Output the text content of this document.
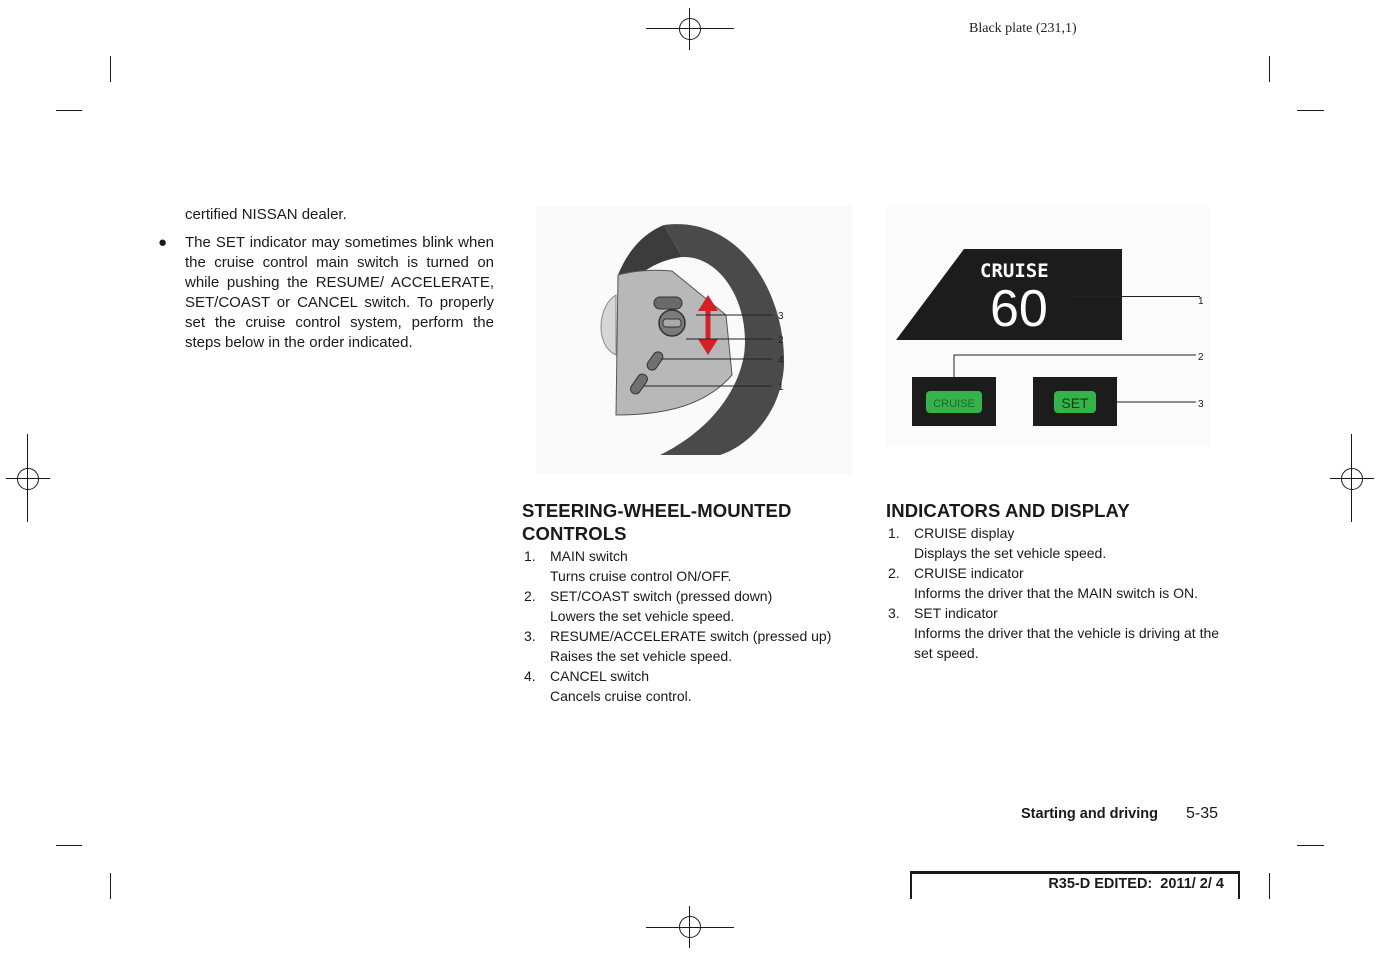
Black plate (231,1)

certified NISSAN dealer.

● The SET indicator may sometimes blink when the cruise control main switch is turned on while pushing the RESUME/ ACCELERATE, SET/COAST or CANCEL switch. To properly set the cruise control system, perform the steps below in the order indicated.
3
2
4
1
CRUISE
60
CRUISE	SET
1
2
3
STEERING-WHEEL-MOUNTED CONTROLS
1. MAIN switch
Turns cruise control ON/OFF.
2. SET/COAST switch (pressed down)
Lowers the set vehicle speed.
3. RESUME/ACCELERATE switch (pressed up)
Raises the set vehicle speed.
4. CANCEL switch
Cancels cruise control.
INDICATORS AND DISPLAY
1. CRUISE display
Displays the set vehicle speed.
2. CRUISE indicator
Informs the driver that the MAIN switch is ON.
3. SET indicator
Informs the driver that the vehicle is driving at the set speed.
Starting and driving 5-35
R35-D EDITED:  2011/ 2/ 4
